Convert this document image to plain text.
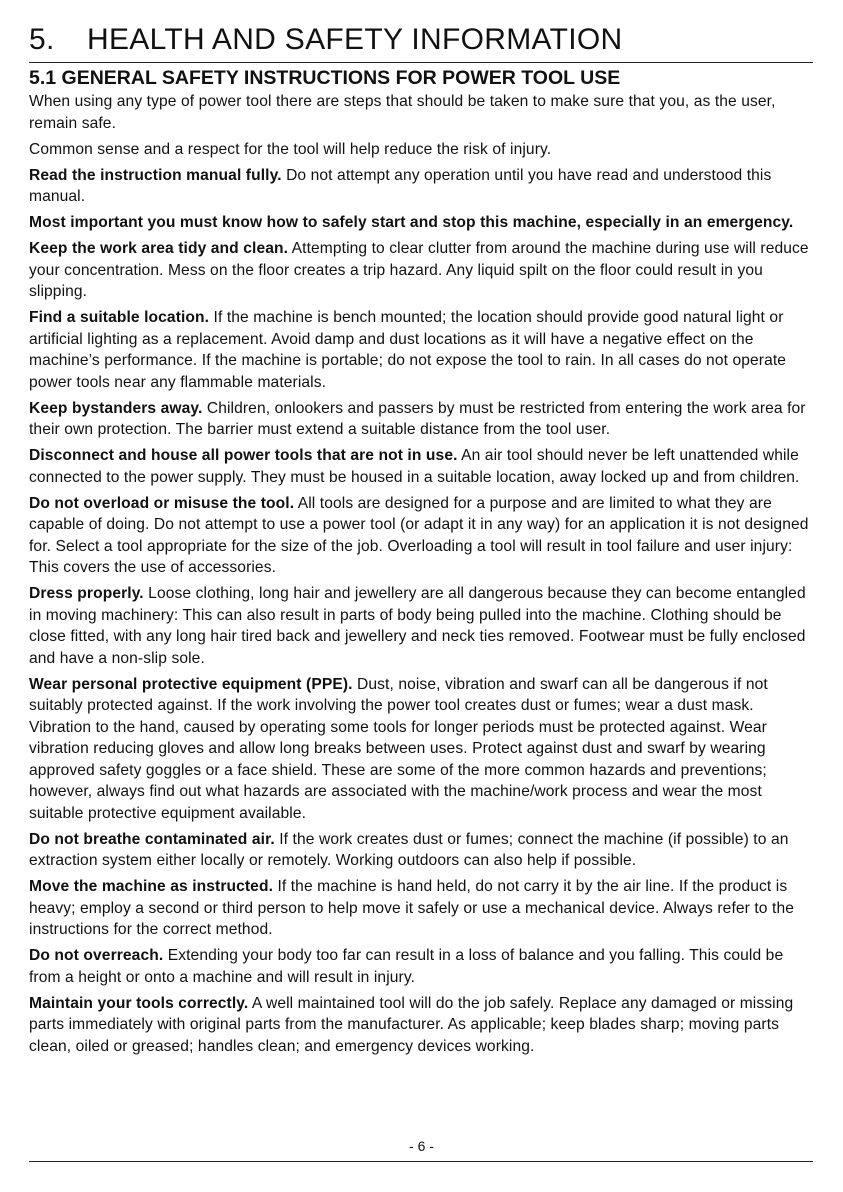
5. HEALTH AND SAFETY INFORMATION
5.1 GENERAL SAFETY INSTRUCTIONS FOR POWER TOOL USE

When using any type of power tool there are steps that should be taken to make sure that you, as the user, remain safe.

Common sense and a respect for the tool will help reduce the risk of injury.

Read the instruction manual fully. Do not attempt any operation until you have read and understood this manual.

Most important you must know how to safely start and stop this machine, especially in an emergency.

Keep the work area tidy and clean. Attempting to clear clutter from around the machine during use will reduce your concentration. Mess on the floor creates a trip hazard. Any liquid spilt on the floor could result in you slipping.

Find a suitable location. If the machine is bench mounted; the location should provide good natural light or artificial lighting as a replacement. Avoid damp and dust locations as it will have a negative effect on the machine’s performance. If the machine is portable; do not expose the tool to rain. In all cases do not operate power tools near any flammable materials.

Keep bystanders away. Children, onlookers and passers by must be restricted from entering the work area for their own protection. The barrier must extend a suitable distance from the tool user.

Disconnect and house all power tools that are not in use. An air tool should never be left unattended while connected to the power supply. They must be housed in a suitable location, away locked up and from children.

Do not overload or misuse the tool. All tools are designed for a purpose and are limited to what they are capable of doing. Do not attempt to use a power tool (or adapt it in any way) for an application it is not designed for. Select a tool appropriate for the size of the job. Overloading a tool will result in tool failure and user injury: This covers the use of accessories.

Dress properly. Loose clothing, long hair and jewellery are all dangerous because they can become entangled in moving machinery: This can also result in parts of body being pulled into the machine. Clothing should be close fitted, with any long hair tired back and jewellery and neck ties removed. Footwear must be fully enclosed and have a non-slip sole.

Wear personal protective equipment (PPE). Dust, noise, vibration and swarf can all be dangerous if not suitably protected against. If the work involving the power tool creates dust or fumes; wear a dust mask. Vibration to the hand, caused by operating some tools for longer periods must be protected against. Wear vibration reducing gloves and allow long breaks between uses. Protect against dust and swarf by wearing approved safety goggles or a face shield. These are some of the more common hazards and preventions; however, always find out what hazards are associated with the machine/work process and wear the most suitable protective equipment available.

Do not breathe contaminated air. If the work creates dust or fumes; connect the machine (if possible) to an extraction system either locally or remotely. Working outdoors can also help if possible.

Move the machine as instructed. If the machine is hand held, do not carry it by the air line. If the product is heavy; employ a second or third person to help move it safely or use a mechanical device. Always refer to the instructions for the correct method.

Do not overreach. Extending your body too far can result in a loss of balance and you falling. This could be from a height or onto a machine and will result in injury.

Maintain your tools correctly. A well maintained tool will do the job safely. Replace any damaged or missing parts immediately with original parts from the manufacturer. As applicable; keep blades sharp; moving parts clean, oiled or greased; handles clean; and emergency devices working.

- 6 -
